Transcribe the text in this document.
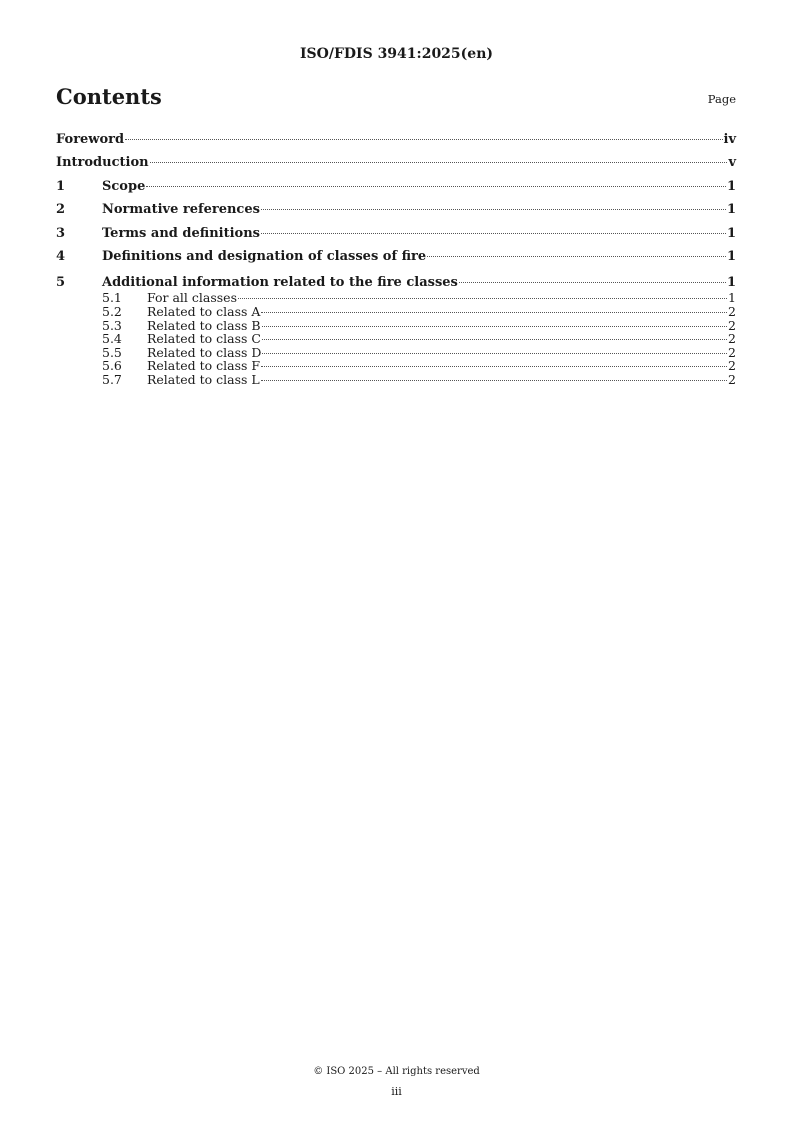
ISO/FDIS 3941:2025(en)
Contents	Page
Foreword	iv
Introduction	v
1	Scope	1
2	Normative references	1
3	Terms and definitions	1
4	Definitions and designation of classes of fire	1
5	Additional information related to the fire classes	1
5.1	For all classes	1
5.2	Related to class A	2
5.3	Related to class B	2
5.4	Related to class C	2
5.5	Related to class D	2
5.6	Related to class F	2
5.7	Related to class L	2
© ISO 2025 – All rights reserved
iii
